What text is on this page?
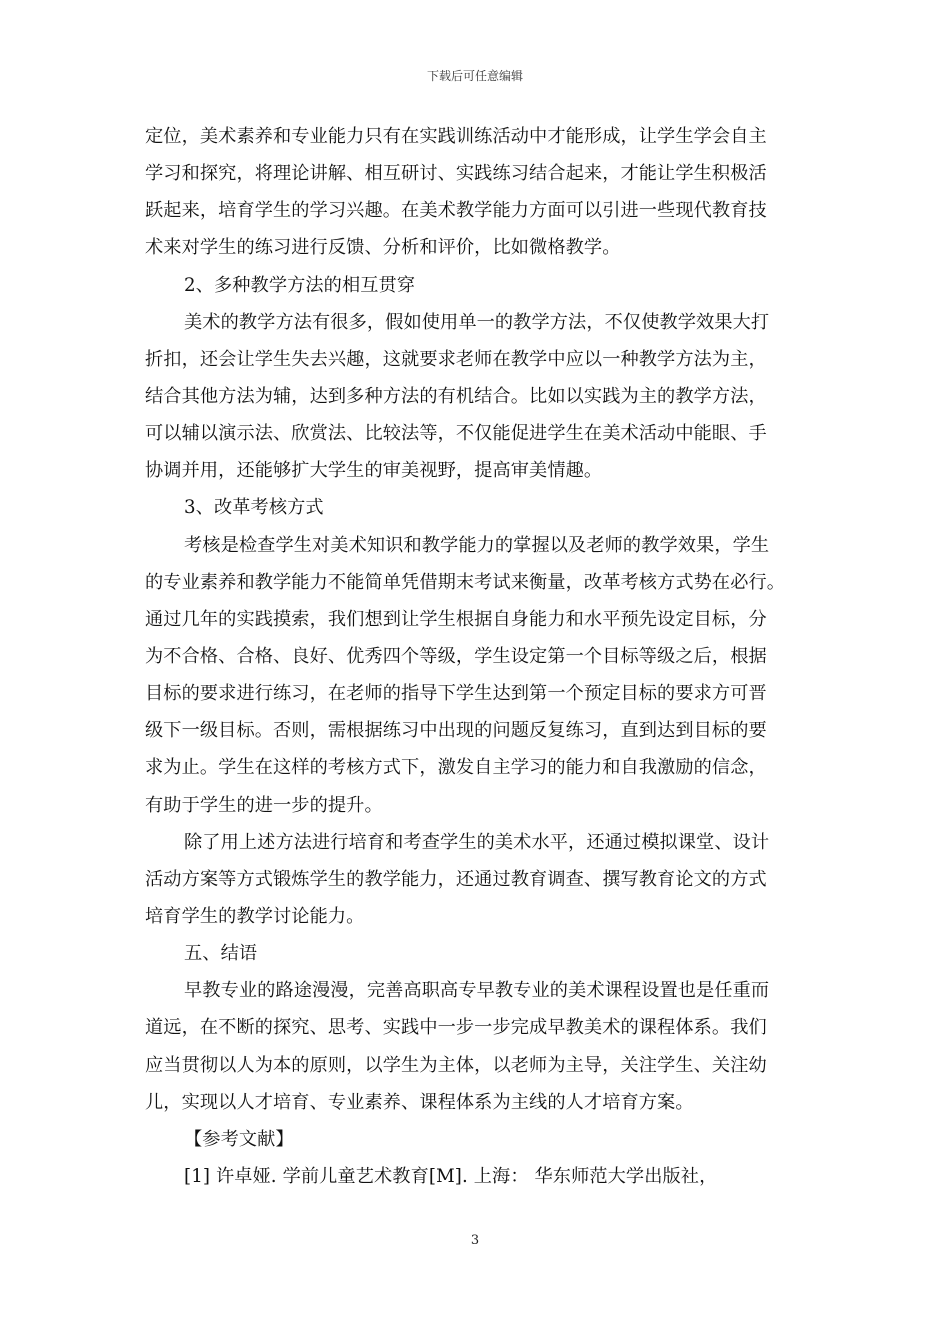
下载后可任意编辑
定位，美术素养和专业能力只有在实践训练活动中才能形成，让学生学会自主
学习和探究，将理论讲解、相互研讨、实践练习结合起来，才能让学生积极活
跃起来，培育学生的学习兴趣。在美术教学能力方面可以引进一些现代教育技
术来对学生的练习进行反馈、分析和评价，比如微格教学。
2、多种教学方法的相互贯穿
美术的教学方法有很多，假如使用单一的教学方法，不仅使教学效果大打
折扣，还会让学生失去兴趣，这就要求老师在教学中应以一种教学方法为主，
结合其他方法为辅，达到多种方法的有机结合。比如以实践为主的教学方法，
可以辅以演示法、欣赏法、比较法等，不仅能促进学生在美术活动中能眼、手
协调并用，还能够扩大学生的审美视野，提高审美情趣。
3、改革考核方式
考核是检查学生对美术知识和教学能力的掌握以及老师的教学效果，学生
的专业素养和教学能力不能简单凭借期末考试来衡量，改革考核方式势在必行。
通过几年的实践摸索，我们想到让学生根据自身能力和水平预先设定目标，分
为不合格、合格、良好、优秀四个等级，学生设定第一个目标等级之后，根据
目标的要求进行练习，在老师的指导下学生达到第一个预定目标的要求方可晋
级下一级目标。否则，需根据练习中出现的问题反复练习，直到达到目标的要
求为止。学生在这样的考核方式下，激发自主学习的能力和自我激励的信念，
有助于学生的进一步的提升。
除了用上述方法进行培育和考查学生的美术水平，还通过模拟课堂、设计
活动方案等方式锻炼学生的教学能力，还通过教育调查、撰写教育论文的方式
培育学生的教学讨论能力。
五、结语
早教专业的路途漫漫，完善高职高专早教专业的美术课程设置也是任重而
道远，在不断的探究、思考、实践中一步一步完成早教美术的课程体系。我们
应当贯彻以人为本的原则，以学生为主体，以老师为主导，关注学生、关注幼
儿，实现以人才培育、专业素养、课程体系为主线的人才培育方案。
【参考文献】
[1] 许卓娅. 学前儿童艺术教育[M]. 上海： 华东师范大学出版社，
3
